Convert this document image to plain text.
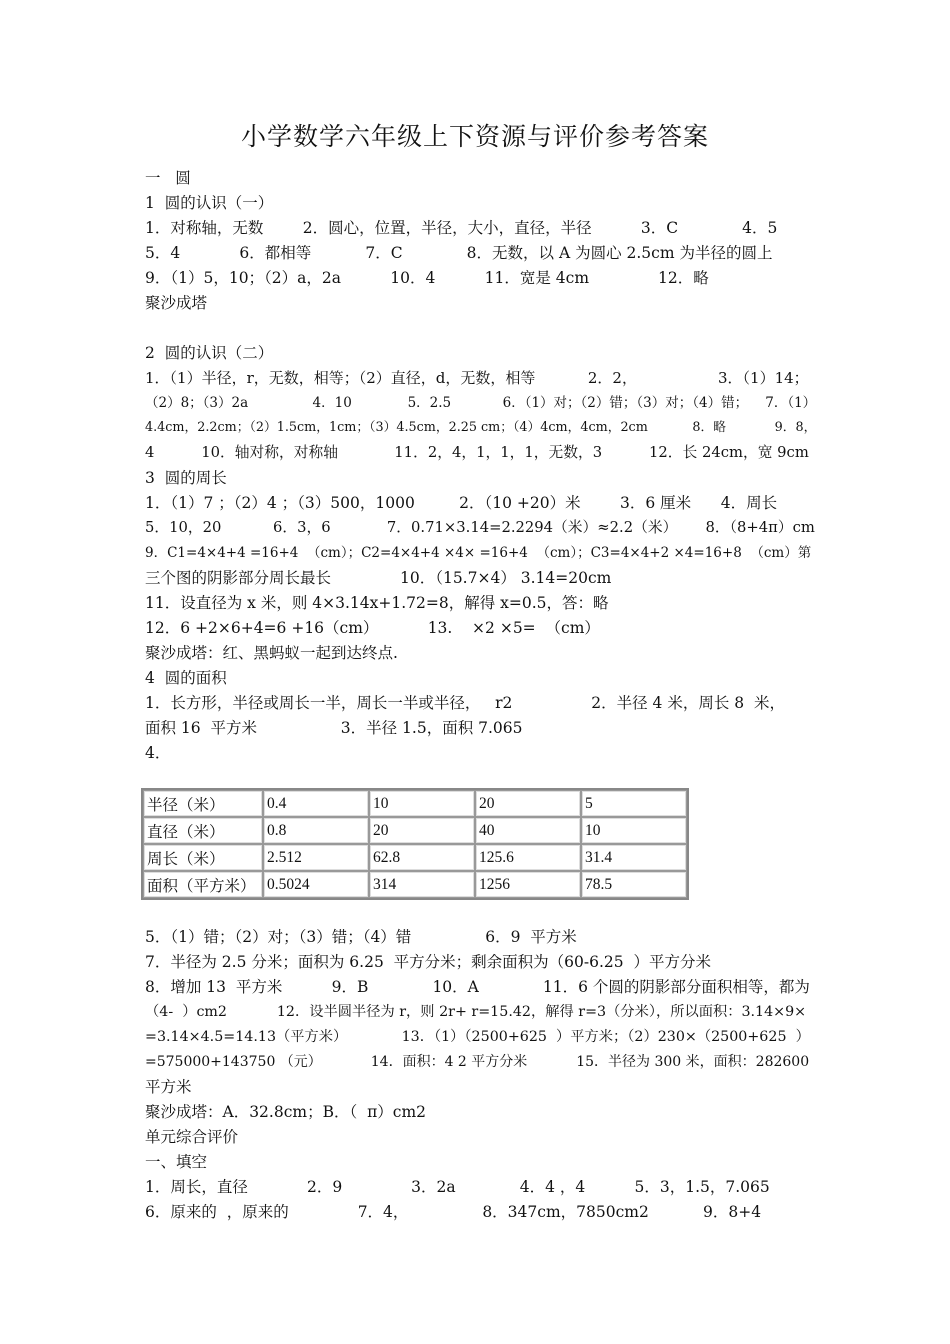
小学数学六年级上下资源与评价参考答案
一   圆
1  圆的认识（一）
1．对称轴，无数        2．圆心，位置，半径，大小，直径，半径          3．C             4．5
5．4            6．都相等           7．C             8．无数，以 A 为圆心 2.5cm 为半径的圆上
9．（1）5，10；（2）a，2a          10．4          11．宽是 4cm              12．略
聚沙成塔
2  圆的认识（二）
1．（1）半径，r，无数，相等；（2）直径，d，无数，相等           2．2，                 3．（1）14；
（2）8；（3）2a               4．10             5．2.5            6．（1）对；（2）错；（3）对；（4）错；    7．（1）
4.4cm，2.2cm；（2）1.5cm，1cm；（3）4.5cm，2.25 cm；（4）4cm，4cm，2cm           8．略            9．8，
4          10．轴对称，对称轴            11．2，4，1，1，1，无数，3          12．长 24cm，宽 9cm
3  圆的周长
1．（1）7 ；（2）4 ；（3）500，1000         2．（10 +20）米        3．6 厘米      4．周长
5．10，20           6．3，6            7．0.71×3.14=2.2294（米）≈2.2（米）      8．（8+4π）cm
9．C1=4×4+4 =16+4  （cm）；C2=4×4+4 ×4× =16+4  （cm）；C3=4×4+2 ×4=16+8  （cm）第
三个图的阴影部分周长最长              10．（15.7×4） 3.14=20cm
11．设直径为 x 米，则 4×3.14x+1.72=8，解得 x=0.5，答：略
12．6 +2×6+4=6 +16（cm）          13.    ×2 ×5=  （cm）
聚沙成塔：红、黑蚂蚁一起到达终点.
4  圆的面积
1．长方形，半径或周长一半，周长一半或半径，   r2                2．半径 4 米，周长 8  米，
面积 16  平方米                 3．半径 1.5，面积 7.065
4．
半径（米）	0.4	10	20	5
直径（米）	0.8	20	40	10
周长（米）	2.512	62.8	125.6	31.4
面积（平方米）	0.5024	314	1256	78.5
5．（1）错；（2）对；（3）错；（4）错               6．9  平方米
7．半径为 2.5 分米；面积为 6.25  平方分米；剩余面积为（60-6.25  ）平方分米
8．增加 13  平方米          9．B             10．A             11．6 个圆的阴影部分面积相等，都为
（4-  ）cm2           12．设半圆半径为 r，则 2r+ r=15.42，解得 r=3（分米），所以面积：3.14×9×
=3.14×4.5=14.13（平方米）            13．（1）（2500+625  ）平方米；（2）230×（2500+625  ）
=575000+143750 （元）           14．面积：4 2 平方分米           15．半径为 300 米，面积：282600
平方米
聚沙成塔：A．32.8cm；B．（  π）cm2
单元综合评价
一、填空
1．周长，直径            2．9              3．2a             4．4 ，4          5．3，1.5，7.065
6．原来的  ，原来的              7．4，               8．347cm，7850cm2           9．8+4
